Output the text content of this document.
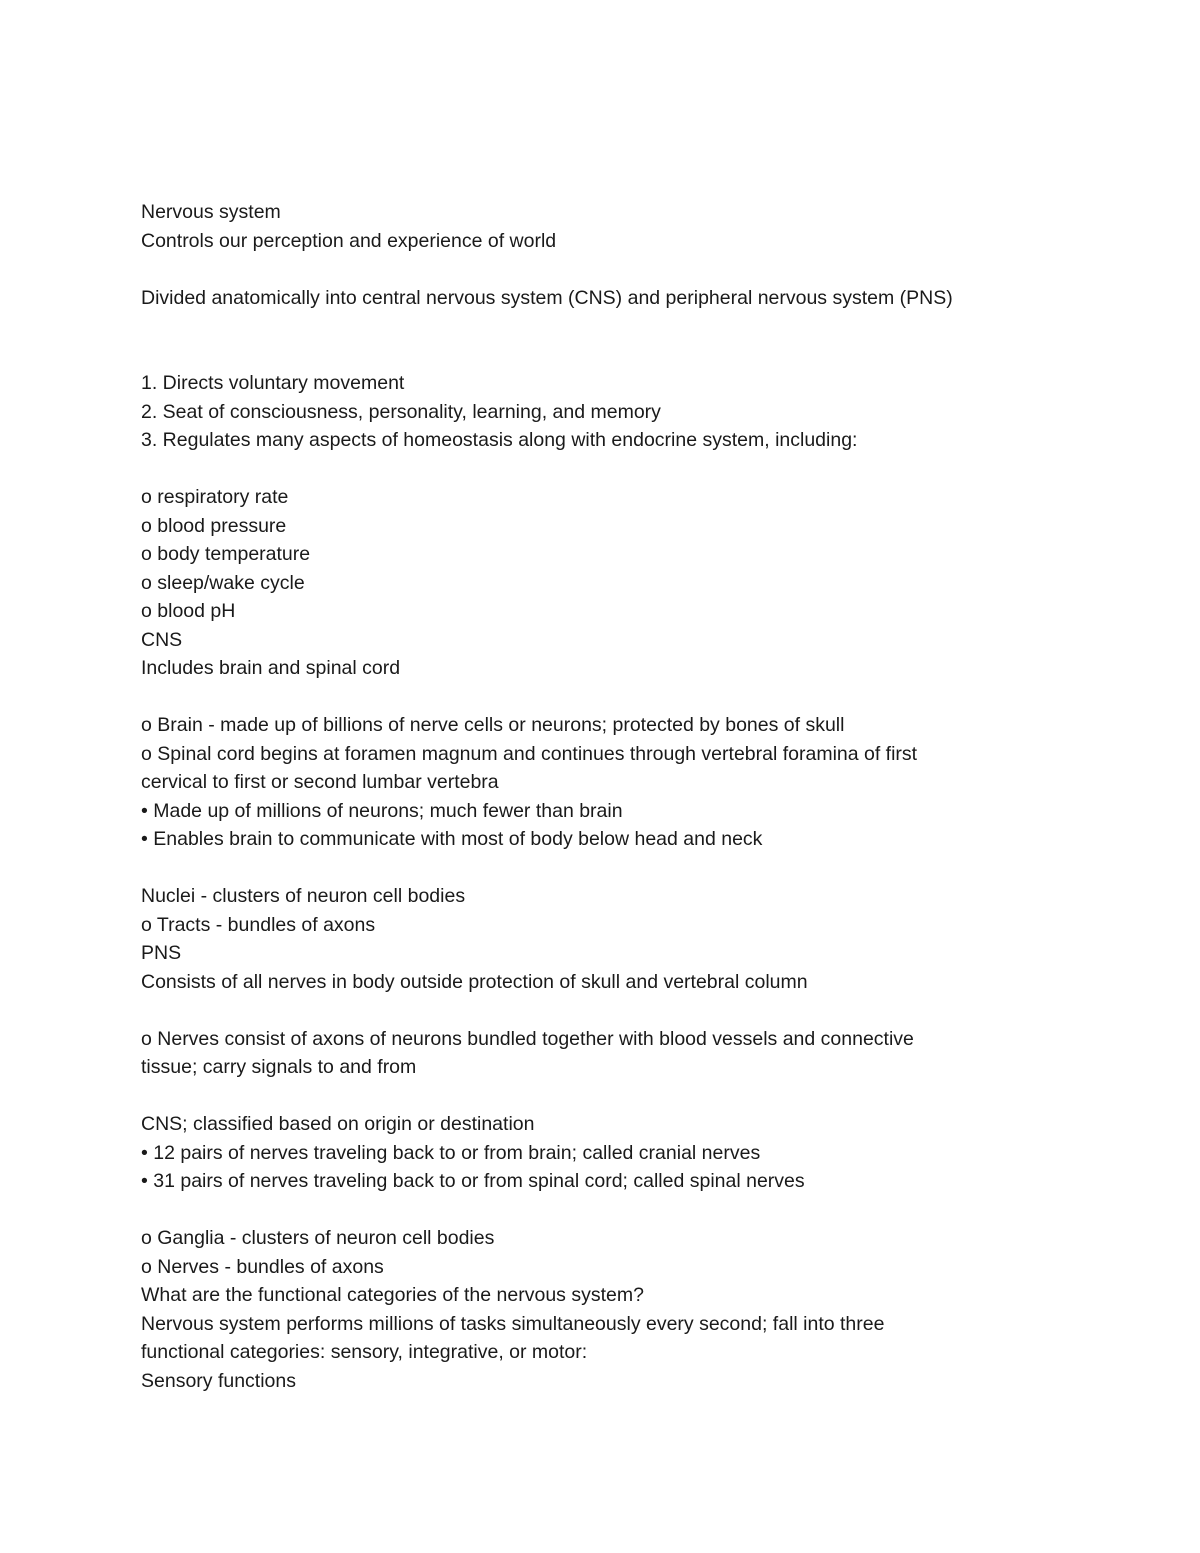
Nervous system
Controls our perception and experience of world
Divided anatomically into central nervous system (CNS) and peripheral nervous system (PNS)
1. Directs voluntary movement
2. Seat of consciousness, personality, learning, and memory
3. Regulates many aspects of homeostasis along with endocrine system, including:
o respiratory rate
o blood pressure
o body temperature
o sleep/wake cycle
o blood pH
CNS
Includes brain and spinal cord
o Brain - made up of billions of nerve cells or neurons; protected by bones of skull
o Spinal cord begins at foramen magnum and continues through vertebral foramina of first
cervical to first or second lumbar vertebra
• Made up of millions of neurons; much fewer than brain
• Enables brain to communicate with most of body below head and neck
Nuclei - clusters of neuron cell bodies
o Tracts - bundles of axons
PNS
Consists of all nerves in body outside protection of skull and vertebral column
o Nerves consist of axons of neurons bundled together with blood vessels and connective
tissue; carry signals to and from
CNS; classified based on origin or destination
• 12 pairs of nerves traveling back to or from brain; called cranial nerves
• 31 pairs of nerves traveling back to or from spinal cord; called spinal nerves
o Ganglia - clusters of neuron cell bodies
o Nerves - bundles of axons
What are the functional categories of the nervous system?
Nervous system performs millions of tasks simultaneously every second; fall into three
functional categories: sensory, integrative, or motor:
Sensory functions
